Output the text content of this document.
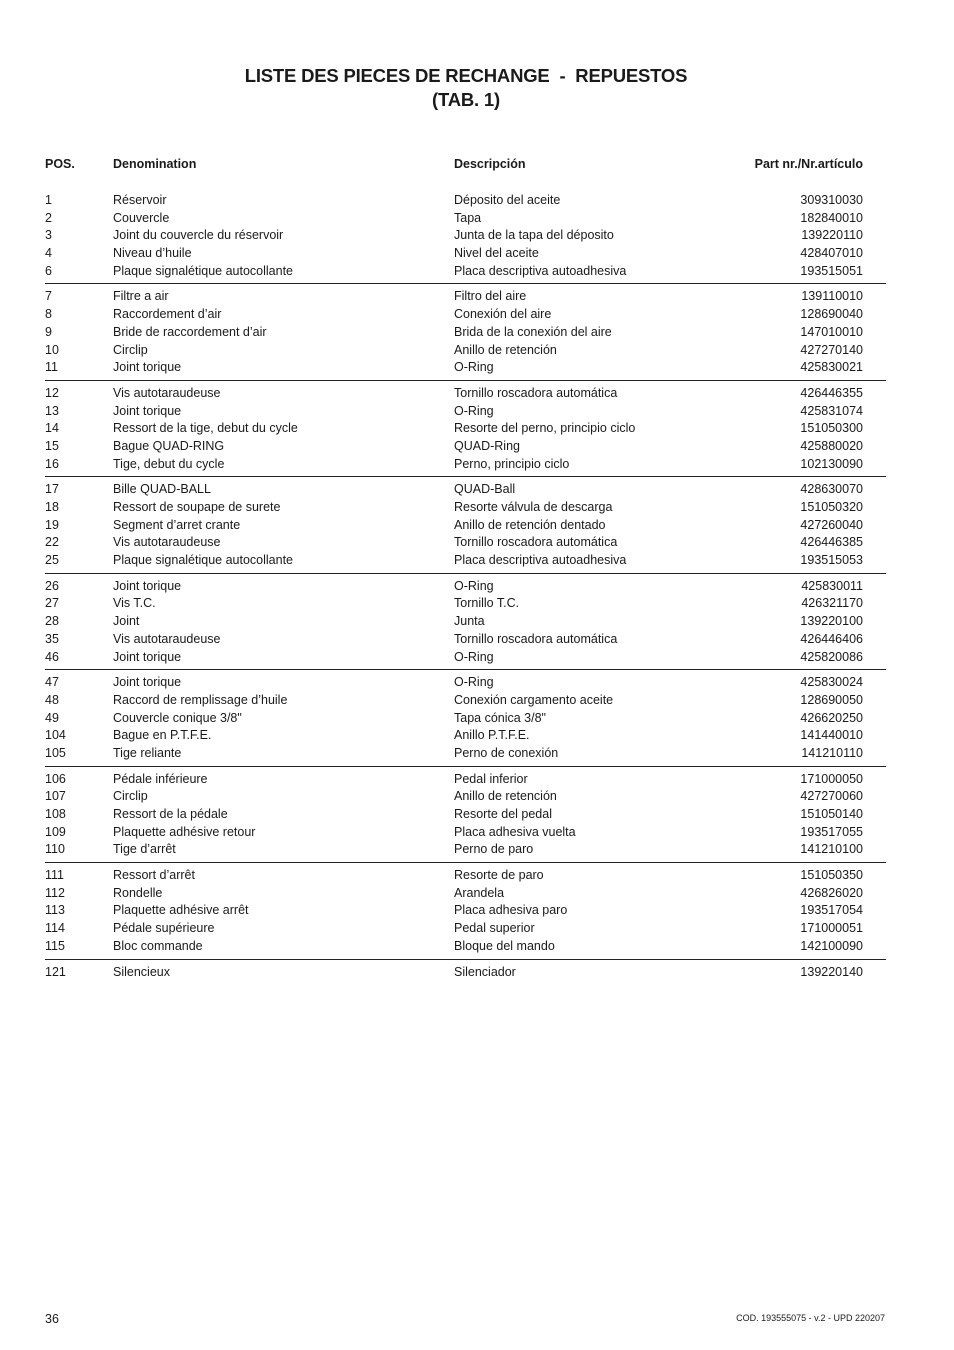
LISTE DES PIECES DE RECHANGE  -  REPUESTOS
(TAB. 1)
POS.	Denomination	Descripción	Part nr./Nr.artículo
1	Réservoir	Déposito del aceite	309310030
2	Couvercle	Tapa	182840010
3	Joint du couvercle du réservoir	Junta de la tapa del déposito	139220110
4	Niveau d’huile	Nivel del aceite	428407010
6	Plaque signalétique autocollante	Placa descriptiva autoadhesiva	193515051
7	Filtre a air	Filtro del aire	139110010
8	Raccordement d’air	Conexión del aire	128690040
9	Bride de raccordement d’air	Brida de la conexión del aire	147010010
10	Circlip	Anillo de retención	427270140
11	Joint torique	O-Ring	425830021
12	Vis autotaraudeuse	Tornillo roscadora automática	426446355
13	Joint torique	O-Ring	425831074
14	Ressort de la tige, debut du cycle	Resorte del perno, principio ciclo	151050300
15	Bague QUAD-RING	QUAD-Ring	425880020
16	Tige, debut du cycle	Perno, principio ciclo	102130090
17	Bille QUAD-BALL	QUAD-Ball	428630070
18	Ressort de soupape de surete	Resorte válvula de descarga	151050320
19	Segment d’arret crante	Anillo de retención dentado	427260040
22	Vis autotaraudeuse	Tornillo roscadora automática	426446385
25	Plaque signalétique autocollante	Placa descriptiva autoadhesiva	193515053
26	Joint torique	O-Ring	425830011
27	Vis T.C.	Tornillo T.C.	426321170
28	Joint	Junta	139220100
35	Vis autotaraudeuse	Tornillo roscadora automática	426446406
46	Joint torique	O-Ring	425820086
47	Joint torique	O-Ring	425830024
48	Raccord de remplissage d’huile	Conexión cargamento aceite	128690050
49	Couvercle conique 3/8"	Tapa cónica 3/8"	426620250
104	Bague en P.T.F.E.	Anillo P.T.F.E.	141440010
105	Tige reliante	Perno de conexión	141210110
106	Pédale inférieure	Pedal inferior	171000050
107	Circlip	Anillo de retención	427270060
108	Ressort de la pédale	Resorte del pedal	151050140
109	Plaquette adhésive retour	Placa adhesiva vuelta	193517055
110	Tige d’arrêt	Perno de paro	141210100
111	Ressort d’arrêt	Resorte de paro	151050350
112	Rondelle	Arandela	426826020
113	Plaquette adhésive arrêt	Placa adhesiva paro	193517054
114	Pédale supérieure	Pedal superior	171000051
115	Bloc commande	Bloque del mando	142100090
121	Silencieux	Silenciador	139220140
36	COD. 193555075 - v.2 - UPD 220207
